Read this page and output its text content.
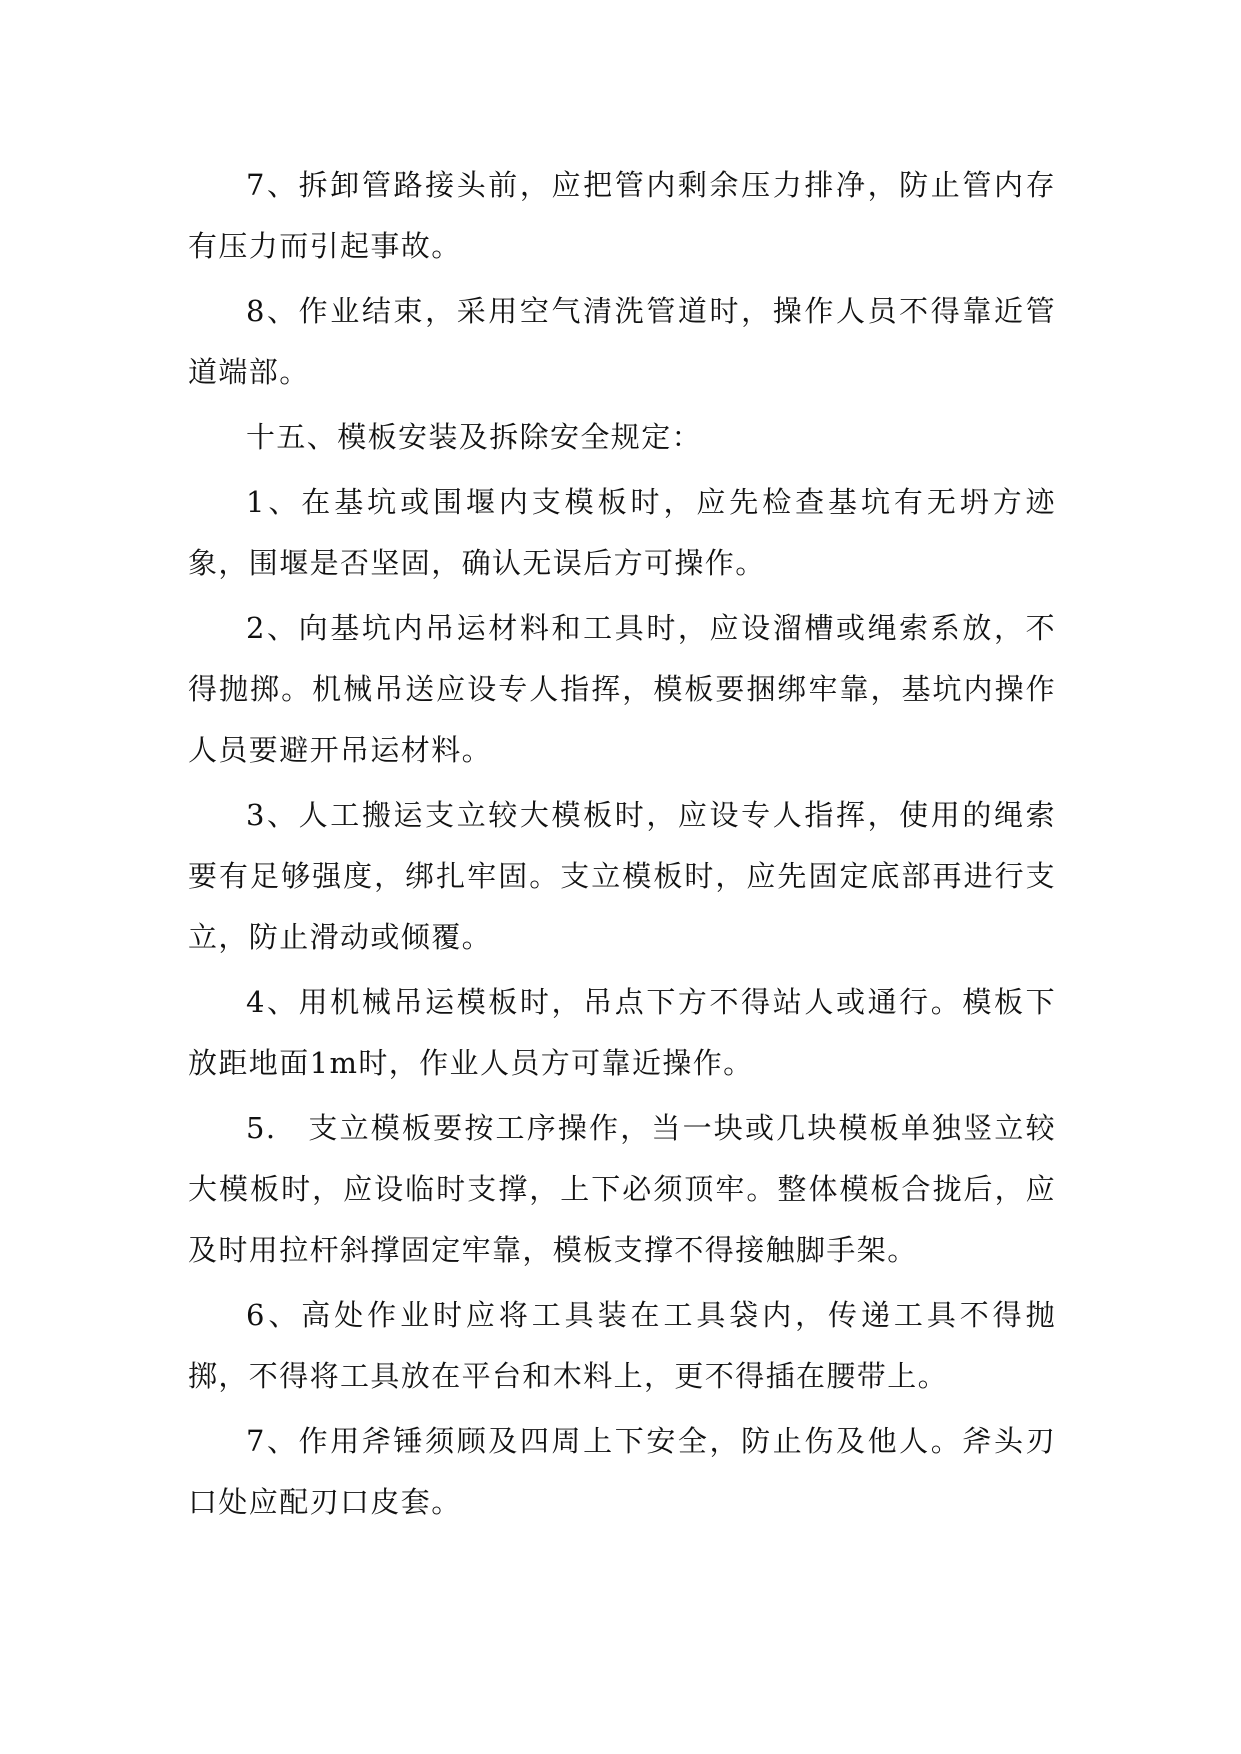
7、拆卸管路接头前，应把管内剩余压力排净，防止管内存有压力而引起事故。

8、作业结束，采用空气清洗管道时，操作人员不得靠近管道端部。

十五、模板安装及拆除安全规定：

1、在基坑或围堰内支模板时，应先检查基坑有无坍方迹象，围堰是否坚固，确认无误后方可操作。

2、向基坑内吊运材料和工具时，应设溜槽或绳索系放，不得抛掷。机械吊送应设专人指挥，模板要捆绑牢靠，基坑内操作人员要避开吊运材料。

3、人工搬运支立较大模板时，应设专人指挥，使用的绳索要有足够强度，绑扎牢固。支立模板时，应先固定底部再进行支立，防止滑动或倾覆。

4、用机械吊运模板时，吊点下方不得站人或通行。模板下放距地面1m时，作业人员方可靠近操作。

5.　支立模板要按工序操作，当一块或几块模板单独竖立较大模板时，应设临时支撑，上下必须顶牢。整体模板合拢后，应及时用拉杆斜撑固定牢靠，模板支撑不得接触脚手架。

6、高处作业时应将工具装在工具袋内，传递工具不得抛掷，不得将工具放在平台和木料上，更不得插在腰带上。

7、作用斧锤须顾及四周上下安全，防止伤及他人。斧头刃口处应配刃口皮套。
